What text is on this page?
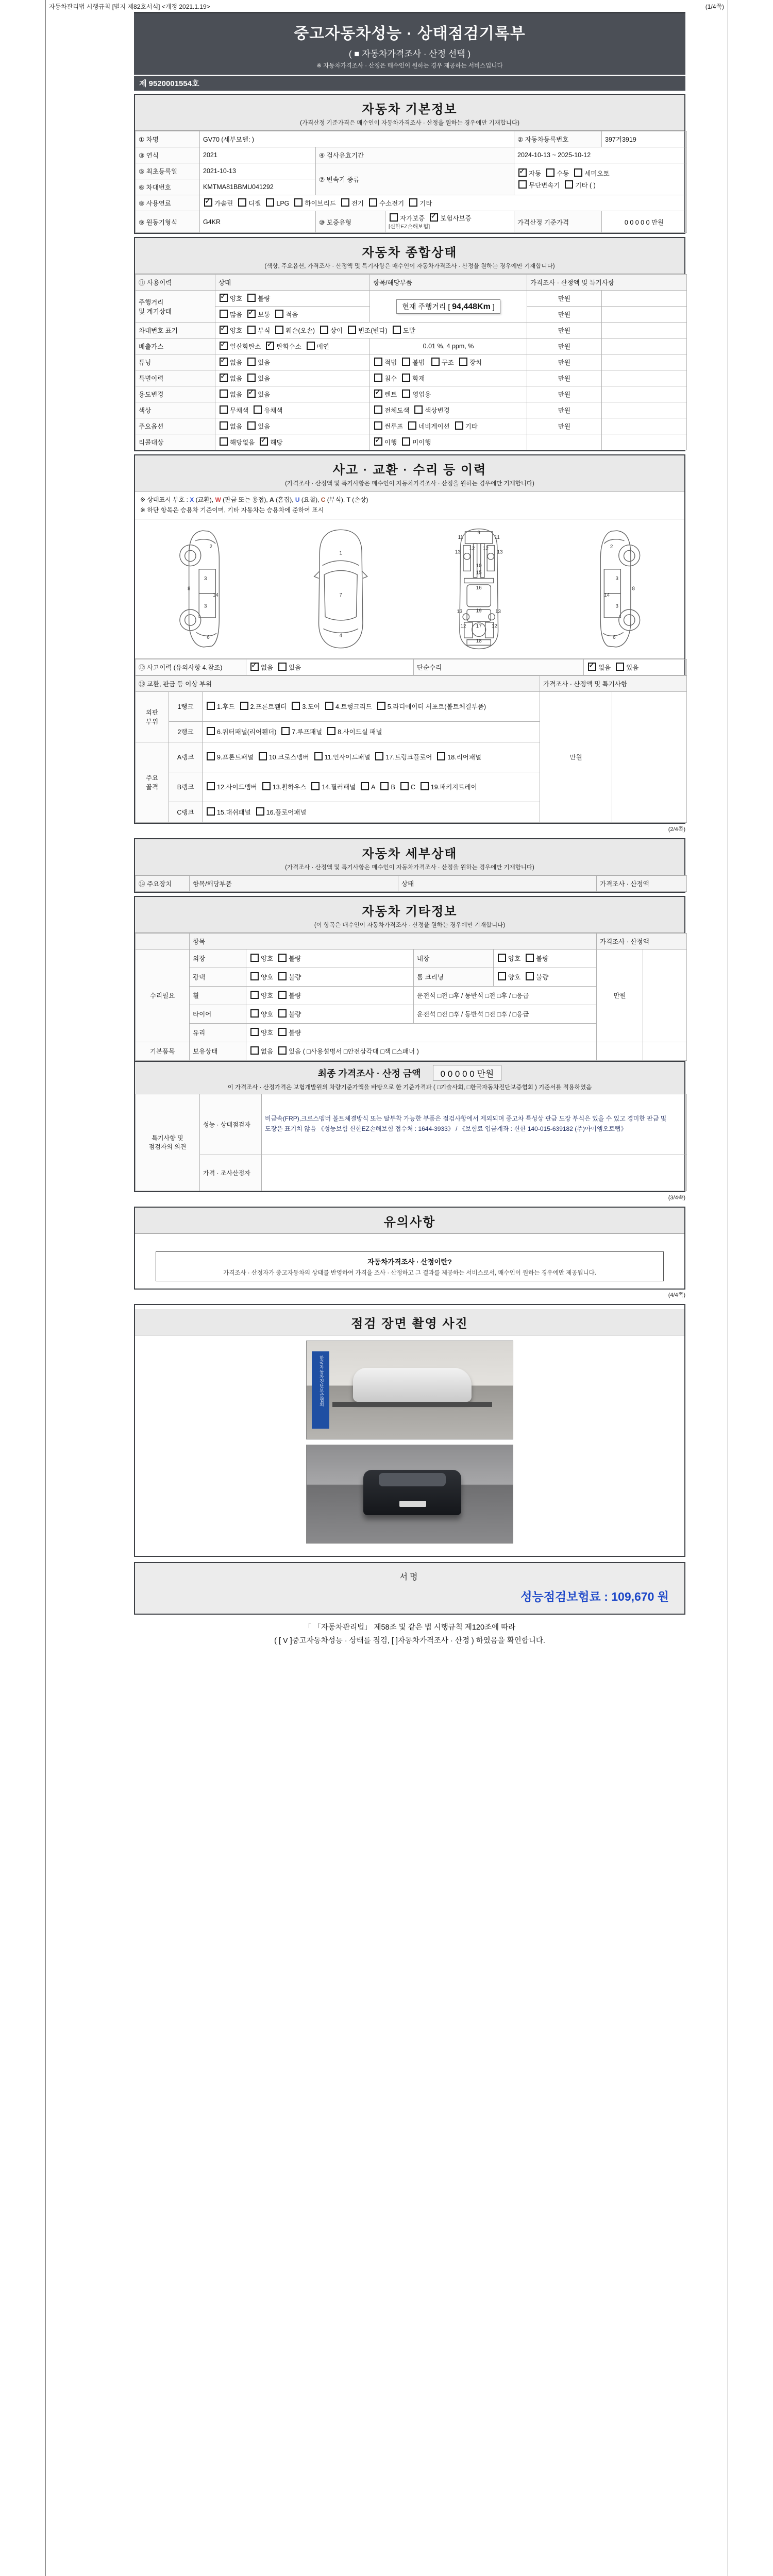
자동차관리법 시행규칙 [별지 제82호서식] <개정 2021.1.19>	(1/4쪽)
중고자동차성능 · 상태점검기록부
( ■ 자동차가격조사 · 산정 선택 )
※ 자동차가격조사 · 산정은 매수인이 원하는 경우 제공하는 서비스입니다
제 9520001554호
자동차 기본정보
(가격산정 기준가격은 매수인이 자동차가격조사 · 산정을 원하는 경우에만 기재합니다)
① 차명	GV70 (세부모델: )			② 자동차등록번호	397거3919
③ 연식	2021	④ 검사유효기간		2024-10-13 ~ 2025-10-12	
⑤ 최초등록일	2021-10-13	⑦ 변속기 종류	
✓자동 수동 세미오토
무단변속기 기타 ( )

⑥ 차대번호	KMTMA81BBMU041292				
⑧ 사용연료	✓가솔린 디젤 LPG 하이브리드 전기 수소전기 기타
⑨ 원동기형식	G4KR	⑩ 보증유형	자가보증 ✓ 보험사보증 [신한EZ손해보험]	가격산정 기준가격	0 0 0 0 0 만원
자동차 종합상태
(색상, 주요옵션, 가격조사 · 산정액 및 특기사항은 매수인이 자동차가격조사 · 산정을 원하는 경우에만 기재합니다)
⑪ 사용이력	상태	항목/해당부품	가격조사 · 산정액 및 특기사항	
주행거리
및 계기상태	✓양호 불량	현재 주행거리 [ 94,448Km ]	만원	
	많음 ✓ 보통 적음		만원	
차대번호 표기	✓양호 부식 훼손(오손) 상이 변조(변타) 도말		만원	
배출가스	✓일산화탄소 ✓ 탄화수소 매연	0.01 %, 4 ppm, %	만원	
튜닝	✓없음 있음	적법 불법 구조 장치	만원	
특별이력	✓없음 있음	침수 화재	만원	
용도변경	없음 ✓ 있음	✓렌트 영업용	만원	
색상	무채색 유채색	전체도색 색상변경	만원	
주요옵션	없음 있음	썬루프 네비게이션 기타	만원	
리콜대상	해당없음 ✓ 해당	✓이행 미이행		
사고 · 교환 · 수리 등 이력
(가격조사 · 산정액 및 특기사항은 매수인이 자동차가격조사 · 산정을 원하는 경우에만 기재합니다)
※ 상태표시 부호 : X (교환), W (판금 또는 용접), A (흠집), U (요철), C (부식), T (손상)
※ 하단 항목은 승용차 기준이며, 기타 자동차는 승용차에 준하여 표시
2
8
3
3
14
6
1
7
4
11
9
11
13
12 12
13
10
15
16
19
13	13
12 17 12
18
2
8
3
3
14
6
⑫ 사고이력 (유의사항 4.참조)	✓없음 있음	단순수리	✓없음 있음
⑬ 교환, 판금 등 이상 부위			가격조사 · 산정액 및 특기사항	
외판
부위	1랭크	1.후드 2.프론트휀더 3.도어 4.트렁크리드 5.라디에이터 서포트(볼트체결부품)	만원	
	2랭크	6.쿼터패널(리어휀더) 7.루프패널 8.사이드실 패널		
주요
골격	A랭크	9.프론트패널 10.크로스멤버 11.인사이드패널 17.트렁크플로어 18.리어패널		
	B랭크	12.사이드멤버 13.휠하우스 14.필러패널 A B C 19.패키지트레이		
	C랭크	15.대쉬패널 16.플로어패널		
(2/4쪽)
자동차 세부상태
(가격조사 · 산정액 및 특기사항은 매수인이 자동차가격조사 · 산정을 원하는 경우에만 기재합니다)
⑭ 주요장치	항목/해당부품	상태	가격조사 · 산정액
자동차 기타정보
(이 항목은 매수인이 자동차가격조사 · 산정을 원하는 경우에만 기재합니다)
	항목				가격조사 · 산정액	
수리필요	외장	양호 불량	내장	양호 불량	만원	
	광택	양호 불량	룸 크리닝	양호 불량		
	휠	양호 불량	운전석 □전 □후 / 동반석 □전 □후 / □응급			
	타이어	양호 불량	운전석 □전 □후 / 동반석 □전 □후 / □응급			
	유리	양호 불량				
기본품목	보유상태	없음 있음 ( □사용설명서 □안전삼각대 □잭 □스패너 )				
최종 가격조사 · 산정 금액 0 0 0 0 0 만원
이 가격조사 · 산정가격은 보험개발원의 차량기준가액을 바탕으로 한 기준가격과 ( □기술사회, □한국자동차진단보증협회 ) 기준서를 적용하였음
특기사항 및
점검자의 의견	성능 · 상태점검자	비금속(FRP),크로스멤버 볼트체결방식 또는 탈부착 가능한 부품은 점검사항에서 제외되며 중고차 특성상 판금 도장 부식은 있을 수 있고 경미한 판금 및 도장은 표기치 않음 《성능보험 신한EZ손해보험 접수처 : 1644-3933》 / 《보험료 입금계좌 : 신한 140-015-639182 (주)아이엠오토랩》
	가격 · 조사산정자	
(3/4쪽)
유의사항
자동차가격조사 · 산정이란?
가격조사 · 산정자가 중고자동차의 상태를 반영하여 가격을 조사 · 산정하고 그 결과를 제공하는 서비스로서, 매수인이 원하는 경우에만 제공됩니다.
(4/4쪽)
점검 장면 촬영 사진
한국자동차진단보증협회
서명
성능점검보험료 : 109,670 원
「 「자동차관리법」 제58조 및 같은 법 시행규칙 제120조에 따라
( [ V ]중고자동차성능 · 상태를 점검, [ ]자동차가격조사 · 산정 ) 하였음을 확인합니다.
